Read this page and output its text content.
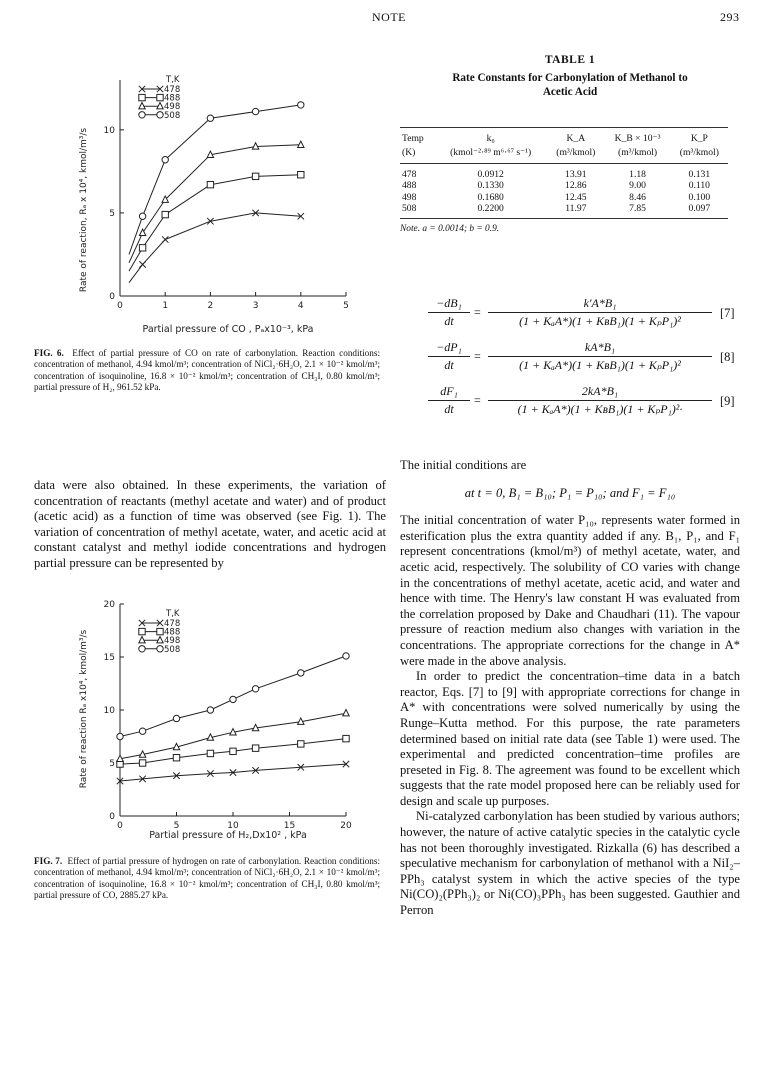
NOTE	293
0	1	2	3	4	5
0
5
10
Rate of reaction, Rₐ x 10⁴, kmol/m³/s
Partial pressure of CO , Pₐx10⁻³, kPa
T,K
478
488
498
508
FIG. 6. Effect of partial pressure of CO on rate of carbonylation. Reaction conditions: concentration of methanol, 4.94 kmol/m³; concentration of NiCl₂·6H₂O, 2.1 × 10⁻² kmol/m³; concentration of isoquinoline, 16.8 × 10⁻² kmol/m³; concentration of CH₃I, 0.80 kmol/m³; partial pressure of H₂, 961.52 kPa.

data were also obtained. In these experiments, the variation of concentration of reactants (methyl acetate and water) and of product (acetic acid) as a function of time was observed (see Fig. 1). The variation of concentration of methyl acetate, water, and acetic acid at constant catalyst and methyl iodide concentrations and hydrogen partial pressure can be represented by

0	5	10	15	20
0
5
10
15
20
Rate of reaction Rₐ x10⁴, kmol/m³/s
Partial pressure of H₂,Dx10² , kPa
T,K
478
488
498
508
FIG. 7. Effect of partial pressure of hydrogen on rate of carbonylation. Reaction conditions: concentration of methanol, 4.94 kmol/m³; concentration of NiCl₂·6H₂O, 2.1 × 10⁻² kmol/m³; concentration of isoquinoline, 16.8 × 10⁻² kmol/m³; concentration of CH₃I, 0.80 kmol/m³; partial pressure of CO, 2885.27 kPa.
TABLE 1
Rate Constants for Carbonylation of Methanol to
Acetic Acid
Temp	k₀	K_A	K_B × 10⁻³	K_P
(K)	(kmol⁻²·⁸⁹ m⁶·⁶⁷ s⁻¹)	(m³/kmol)	(m³/kmol)	(m³/kmol)
478	0.0912	13.91	1.18	0.131
488	0.1330	12.86	9.00	0.110
498	0.1680	12.45	8.46	0.100
508	0.2200	11.97	7.85	0.097

Note. a = 0.0014; b = 0.9.
−dB₁
dt
=
k′A*B₁
(1 + KₐA*)(1 + KʙB₁)(1 + KₚP₁)²
[7]
−dP₁
dt
=
kA*B₁
(1 + KₐA*)(1 + KʙB₁)(1 + KₚP₁)²
[8]
dF₁
dt
=
2kA*B₁
(1 + KₐA*)(1 + KʙB₁)(1 + KₚP₁)²·
[9]

The initial conditions are

at t = 0, B₁ = B₁₀; P₁ = P₁₀; and F₁ = F₁₀

The initial concentration of water P₁₀, represents water formed in esterification plus the extra quantity added if any. B₁, P₁, and F₁ represent concentrations (kmol/m³) of methyl acetate, water, and acetic acid, respectively. The solubility of CO varies with change in the concentrations of methyl acetate, acetic acid, and water and hence with time. The Henry's law constant H was evaluated from the correlation proposed by Dake and Chaudhari (11). The vapour pressure of reaction medium also changes with variation in the concentrations. The appropriate corrections for the change in A* were made in the above analysis.

In order to predict the concentration–time data in a batch reactor, Eqs. [7] to [9] with appropriate corrections for change in A* with concentrations were solved numerically by using the Runge–Kutta method. For this purpose, the rate parameters determined based on initial rate data (see Table 1) were used. The experimental and predicted concentration–time profiles are preseted in Fig. 8. The agreement was found to be excellent which suggests that the rate model proposed here can be reliably used for design and scale up purposes.

Ni-catalyzed carbonylation has been studied by various authors; however, the nature of active catalytic species in the catalytic cycle has not been thoroughly investigated. Rizkalla (6) has described a speculative mechanism for carbonylation of methanol with a NiI₂–PPh₃ catalyst system in which the active species of the type Ni(CO)₂(PPh₃)₂ or Ni(CO)₃PPh₃ has been suggested. Gauthier and Perron
